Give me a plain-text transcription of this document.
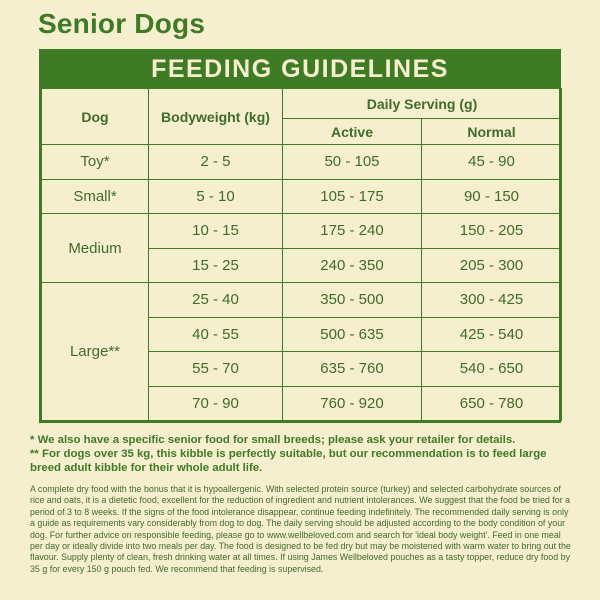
Senior Dogs
FEEDING GUIDELINES
Dog	Bodyweight (kg)	Daily Serving (g)	
		Active	Normal
Toy*	2 - 5	50 - 105	45 - 90
Small*	5 - 10	105 - 175	90 - 150
Medium	10 - 15	175 - 240	150 - 205
	15 - 25	240 - 350	205 - 300
Large**	25 - 40	350 - 500	300 - 425
	40 - 55	500 - 635	425 - 540
	55 - 70	635 - 760	540 - 650
	70 - 90	760 - 920	650 - 780
* We also have a specific senior food for small breeds; please ask your retailer for details.
** For dogs over 35 kg, this kibble is perfectly suitable, but our recommendation is to feed large breed adult kibble for their whole adult life.
A complete dry food with the bonus that it is hypoallergenic. With selected protein source (turkey) and selected carbohydrate sources of rice and oats, it is a dietetic food, excellent for the reduction of ingredient and nutrient intolerances. We suggest that the food be tried for a period of 3 to 8 weeks. If the signs of the food intolerance disappear, continue feeding indefinitely. The recommended daily serving is only a guide as requirements vary considerably from dog to dog. The daily serving should be adjusted according to the body condition of your dog. For further advice on responsible feeding, please go to www.wellbeloved.com and search for 'ideal body weight'. Feed in one meal per day or ideally divide into two meals per day. The food is designed to be fed dry but may be moistened with warm water to bring out the flavour. Supply plenty of clean, fresh drinking water at all times. If using James Wellbeloved pouches as a tasty topper, reduce dry food by 35 g for every 150 g pouch fed. We recommend that feeding is supervised.
